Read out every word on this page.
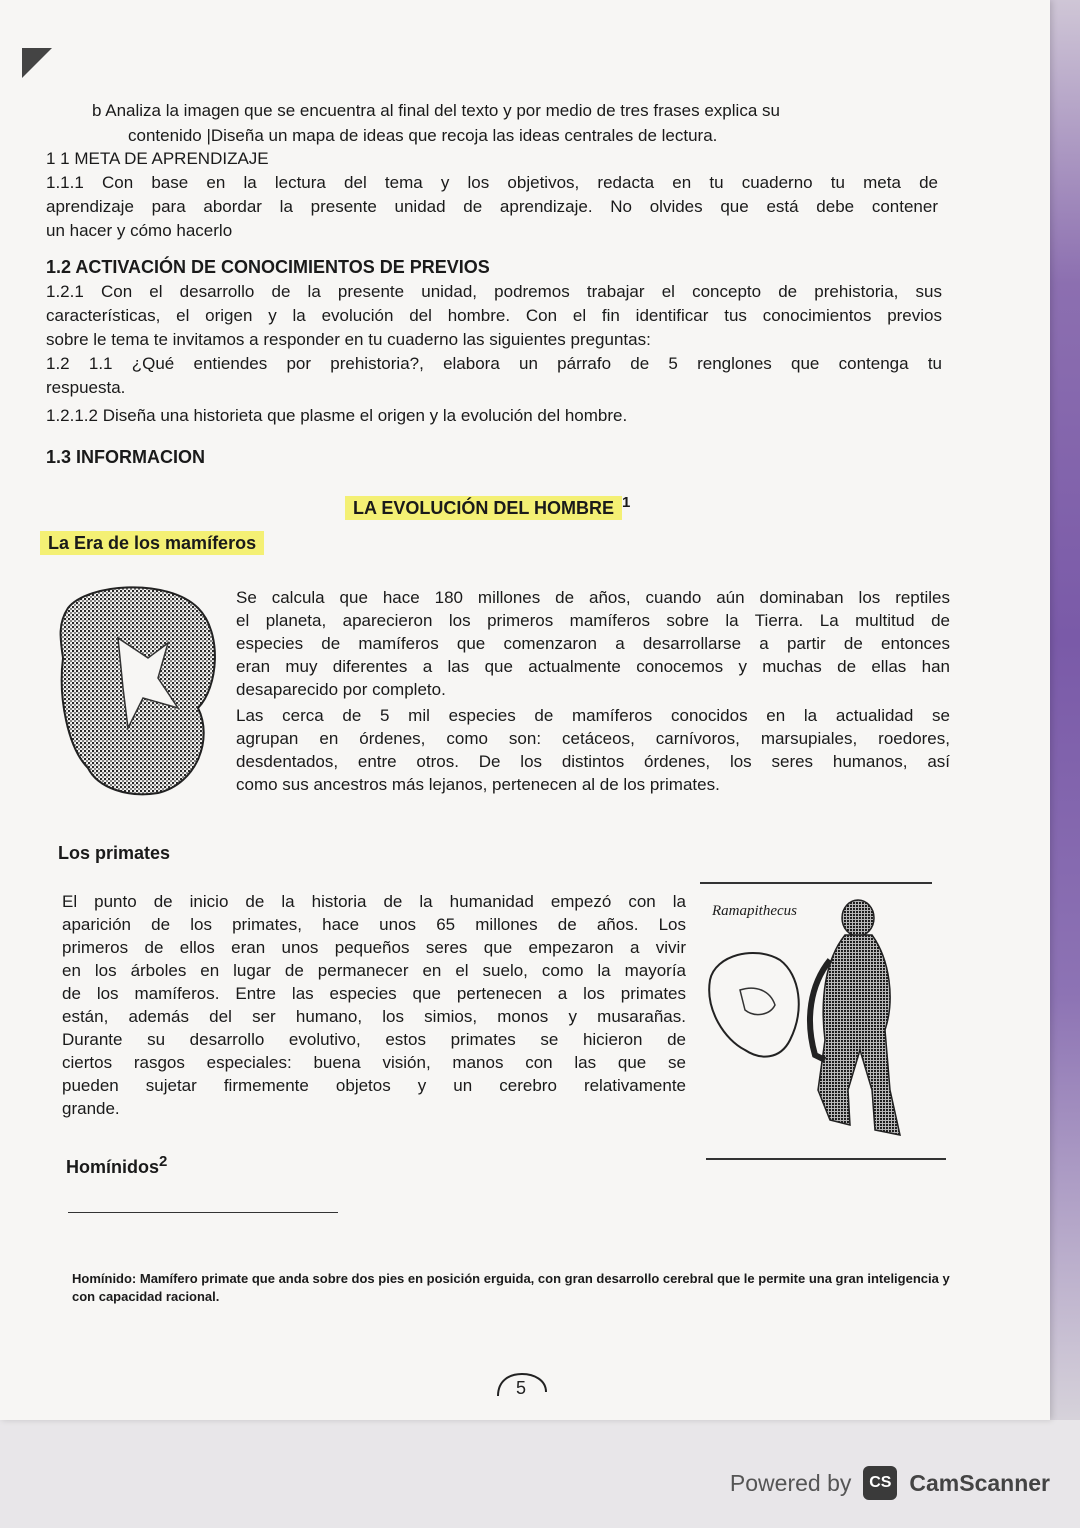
b Analiza la imagen que se encuentra al final del texto y por medio de tres frases explica su

contenido |Diseña un mapa de ideas que recoja las ideas centrales de lectura.

1 1 META DE APRENDIZAJE

1.1.1 Con base en la lectura del tema y los objetivos, redacta en tu cuaderno tu meta de

aprendizaje para abordar la presente unidad de aprendizaje. No olvides que está debe contener

un hacer y cómo hacerlo

1.2 ACTIVACIÓN DE CONOCIMIENTOS DE PREVIOS

1.2.1 Con el desarrollo de la presente unidad, podremos trabajar el concepto de prehistoria, sus

características, el origen y la evolución del hombre. Con el fin identificar tus conocimientos previos

sobre le tema te invitamos a responder en tu cuaderno las siguientes preguntas:

1.2 1.1 ¿Qué entiendes por prehistoria?, elabora un párrafo de 5 renglones que contenga tu

respuesta.

1.2.1.2 Diseña una historieta que plasme el origen y la evolución del hombre.

1.3 INFORMACION

LA EVOLUCIÓN DEL HOMBRE $^1$
La Era de los mamíferos

Se calcula que hace 180 millones de años, cuando aún dominaban los reptiles

el planeta, aparecieron los primeros mamíferos sobre la Tierra. La multitud de

especies de mamíferos que comenzaron a desarrollarse a partir de entonces

eran muy diferentes a las que actualmente conocemos y muchas de ellas han

desaparecido por completo.

Las cerca de 5 mil especies de mamíferos conocidos en la actualidad se

agrupan en órdenes, como son: cetáceos, carnívoros, marsupiales, roedores,

desdentados, entre otros. De los distintos órdenes, los seres humanos, así

como sus ancestros más lejanos, pertenecen al de los primates.

Los primates

El punto de inicio de la historia de la humanidad empezó con la

aparición de los primates, hace unos 65 millones de años. Los

primeros de ellos eran unos pequeños seres que empezaron a vivir

en los árboles en lugar de permanecer en el suelo, como la mayoría

de los mamíferos. Entre las especies que pertenecen a los primates

están, además del ser humano, los simios, monos y musarañas.

Durante su desarrollo evolutivo, estos primates se hicieron de

ciertos rasgos especiales: buena visión, manos con las que se

pueden sujetar firmemente objetos y un cerebro relativamente

grande.

Ramapithecus

Homínidos$^2$

Homínido: Mamífero primate que anda sobre dos pies en posición erguida, con gran desarrollo cerebral que le permite una gran inteligencia y con capacidad racional.

5
Powered by	CS CamScanner
